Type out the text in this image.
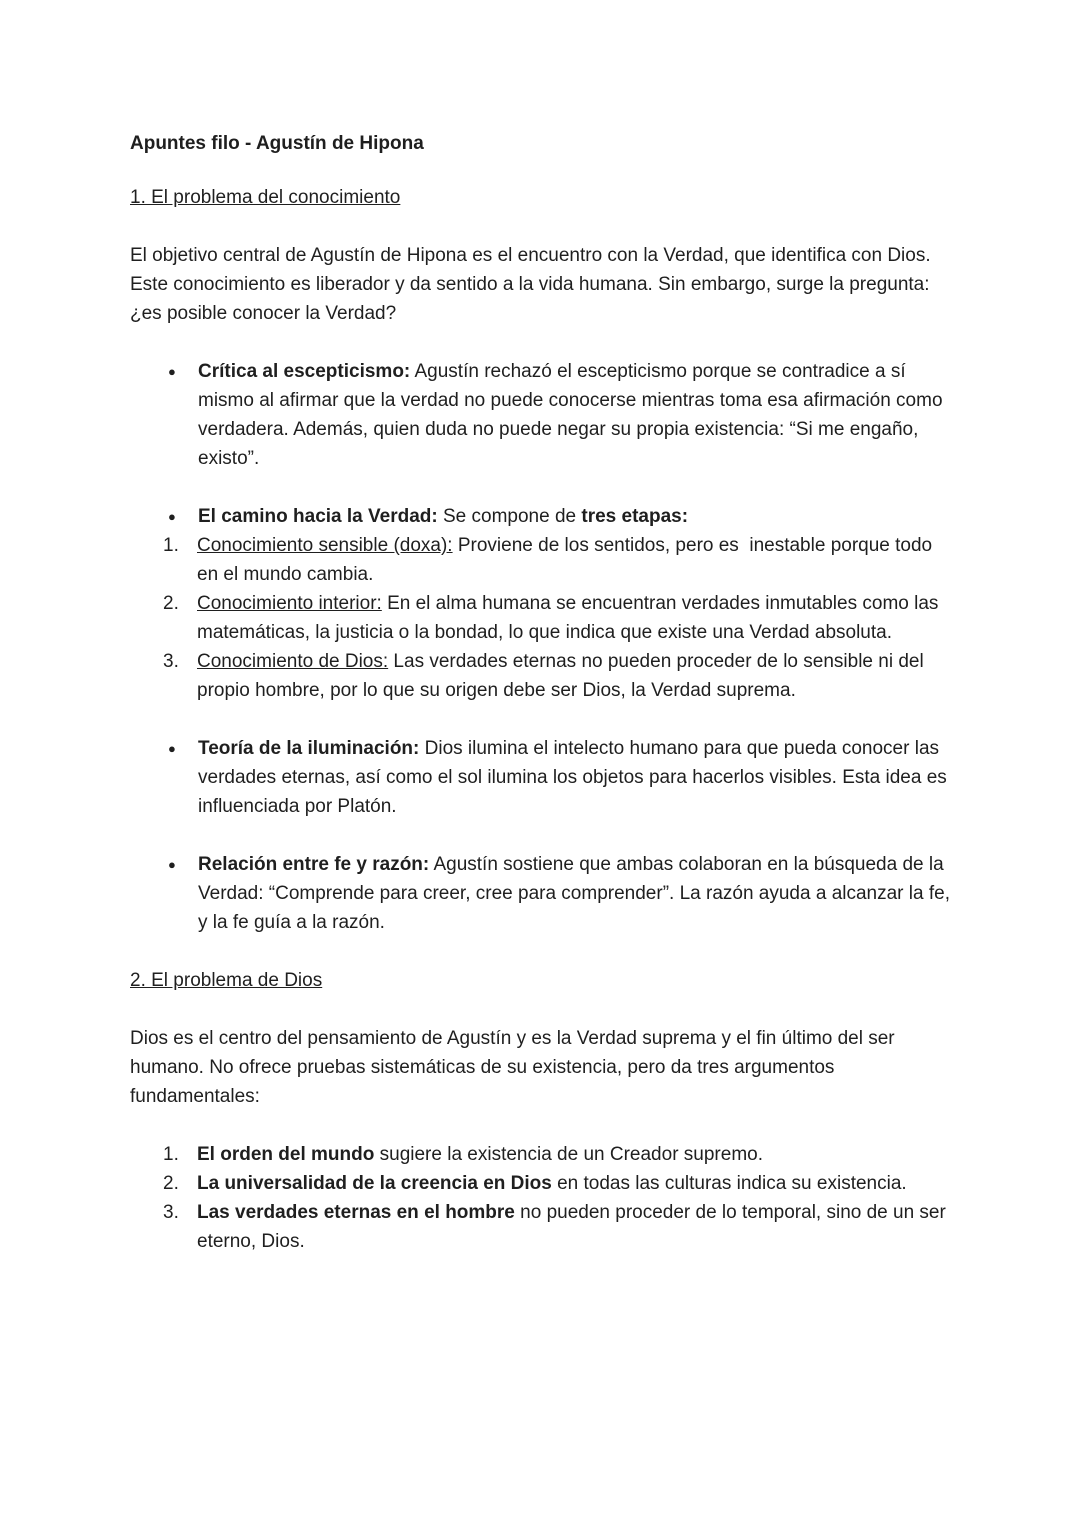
Apuntes filo - Agustín de Hipona

1. El problema del conocimiento

El objetivo central de Agustín de Hipona es el encuentro con la Verdad, que identifica con Dios. Este conocimiento es liberador y da sentido a la vida humana. Sin embargo, surge la pregunta: ¿es posible conocer la Verdad?

●	Crítica al escepticismo: Agustín rechazó el escepticismo porque se contradice a sí mismo al afirmar que la verdad no puede conocerse mientras toma esa afirmación como verdadera. Además, quien duda no puede negar su propia existencia: “Si me engaño, existo”.
●	El camino hacia la Verdad: Se compone de tres etapas:
1. Conocimiento sensible (doxa): Proviene de los sentidos, pero es  inestable porque todo en el mundo cambia.
2. Conocimiento interior: En el alma humana se encuentran verdades inmutables como las matemáticas, la justicia o la bondad, lo que indica que existe una Verdad absoluta.
3. Conocimiento de Dios: Las verdades eternas no pueden proceder de lo sensible ni del propio hombre, por lo que su origen debe ser Dios, la Verdad suprema.
●	Teoría de la iluminación: Dios ilumina el intelecto humano para que pueda conocer las verdades eternas, así como el sol ilumina los objetos para hacerlos visibles. Esta idea es influenciada por Platón.
●	Relación entre fe y razón: Agustín sostiene que ambas colaboran en la búsqueda de la Verdad: “Comprende para creer, cree para comprender”. La razón ayuda a alcanzar la fe, y la fe guía a la razón.

2. El problema de Dios

Dios es el centro del pensamiento de Agustín y es la Verdad suprema y el fin último del ser humano. No ofrece pruebas sistemáticas de su existencia, pero da tres argumentos fundamentales:

1. El orden del mundo sugiere la existencia de un Creador supremo.
2. La universalidad de la creencia en Dios en todas las culturas indica su existencia.
3. Las verdades eternas en el hombre no pueden proceder de lo temporal, sino de un ser eterno, Dios.
